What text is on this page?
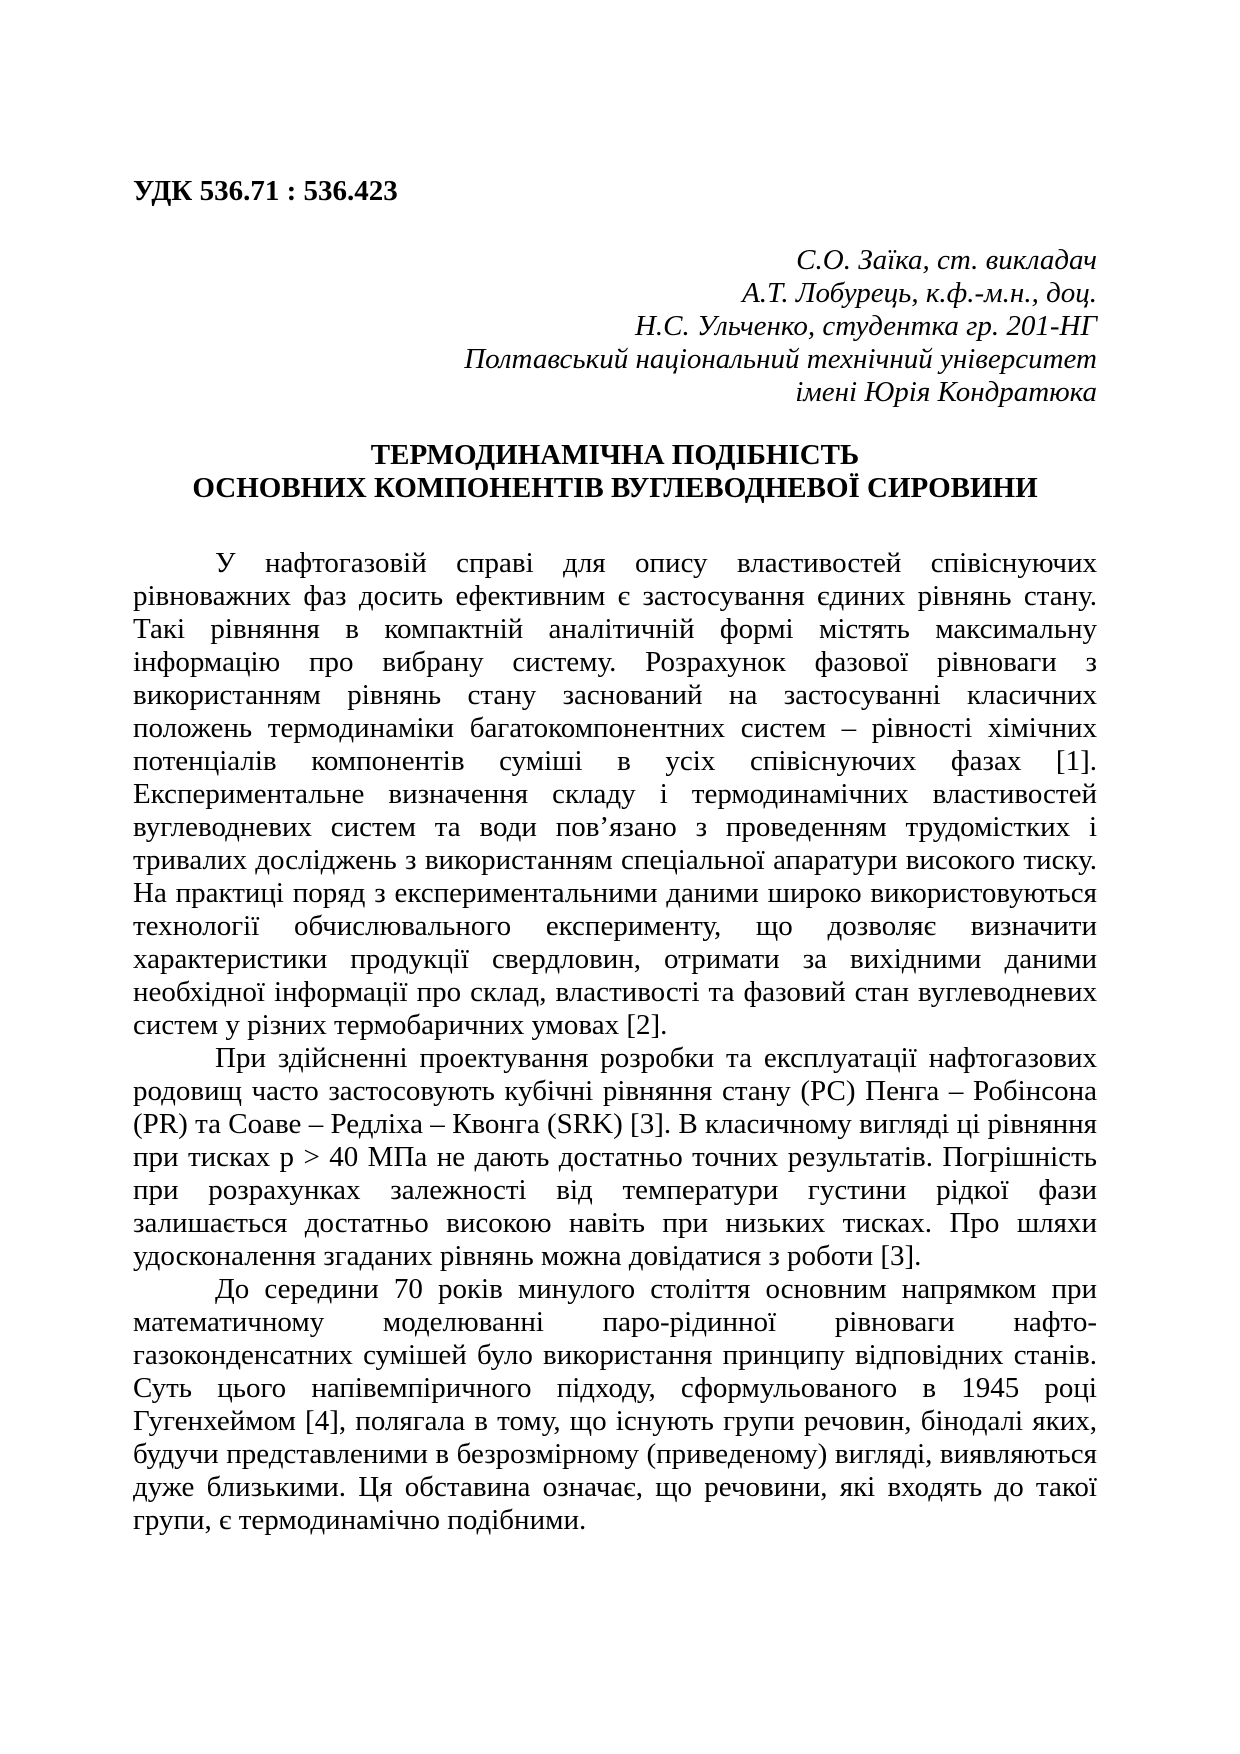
УДК 536.71 : 536.423
С.О. Заїка, ст. викладач
А.Т. Лобурець, к.ф.-м.н., доц.
Н.С. Ульченко, студентка гр. 201-НГ
Полтавський національний технічний університет
імені Юрія Кондратюка
ТЕРМОДИНАМІЧНА ПОДІБНІСТЬ
ОСНОВНИХ КОМПОНЕНТІВ ВУГЛЕВОДНЕВОЇ СИРОВИНИ

У нафтогазовій справі для опису властивостей співіснуючих рівноважних фаз досить ефективним є застосування єдиних рівнянь стану. Такі рівняння в компактній аналітичній формі містять максимальну інформацію про вибрану систему. Розрахунок фазової рівноваги з використанням рівнянь стану заснований на застосуванні класичних положень термодинаміки багатокомпонентних систем – рівності хімічних потенціалів компонентів суміші в усіх співіснуючих фазах [1]. Експериментальне визначення складу і термодинамічних властивостей вуглеводневих систем та води пов’язано з проведенням трудомістких і тривалих досліджень з використанням спеціальної апаратури високого тиску. На практиці поряд з експериментальними даними широко використовуються технології обчислювального експерименту, що дозволяє визначити характеристики продукції свердловин, отримати за вихідними даними необхідної інформації про склад, властивості та фазовий стан вуглеводневих систем у різних термобаричних умовах [2].

При здійсненні проектування розробки та експлуатації нафтогазових родовищ часто застосовують кубічні рівняння стану (РС) Пенга – Робінсона (PR) та Соаве – Редліха – Квонга (SRK) [3]. В класичному вигляді ці рівняння при тисках р > 40 МПа не дають достатньо точних результатів. Погрішність при розрахунках залежності від температури густини рідкої фази залишається достатньо високою навіть при низьких тисках. Про шляхи удосконалення згаданих рівнянь можна довідатися з роботи [3].

До середини 70 років минулого століття основним напрямком при математичному моделюванні паро-рідинної рівноваги нафто-газоконденсатних сумішей було використання принципу відповідних станів. Суть цього напівемпіричного підходу, сформульованого в 1945 році Гугенхеймом [4], полягала в тому, що існують групи речовин, бінодалі яких, будучи представленими в безрозмірному (приведеному) вигляді, виявляються дуже близькими. Ця обставина означає, що речовини, які входять до такої групи, є термодинамічно подібними.
